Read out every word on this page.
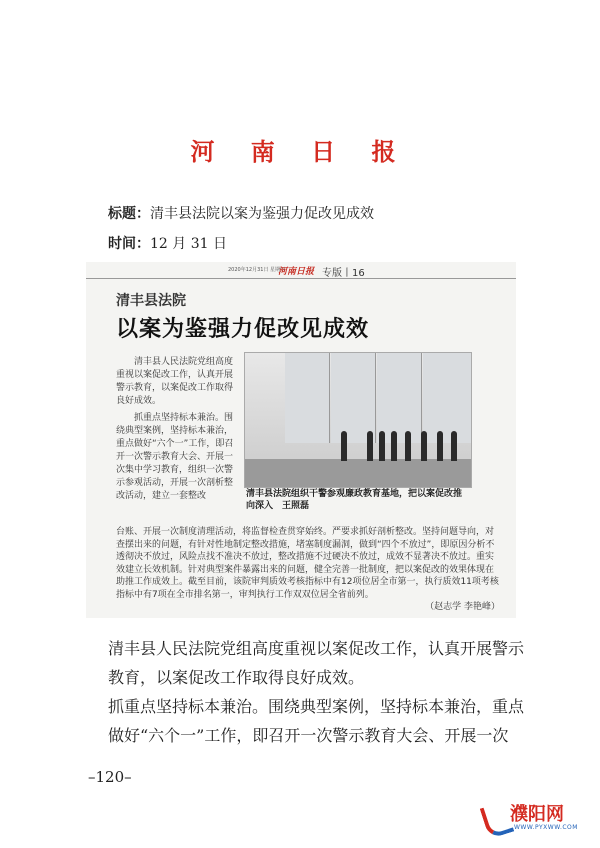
河 南 日 报
标题：清丰县法院以案为鉴强力促改见成效
时间：12 月 31 日
2020年12月31日 星期四
河南日报 专版丨16
清丰县法院
以案为鉴强力促改见成效

清丰县人民法院党组高度重视以案促改工作，认真开展警示教育，以案促改工作取得良好成效。

抓重点坚持标本兼治。围绕典型案例，坚持标本兼治，重点做好“六个一”工作，即召开一次警示教育大会、开展一次集中学习教育，组织一次警示参观活动，开展一次剖析整改活动，建立一套整改	清丰县法院组织干警参观廉政教育基地，把以案促改推向深入　王照磊

台账、开展一次制度清理活动，将监督检查贯穿始终。严要求抓好剖析整改。坚持问题导向，对查摆出来的问题，有针对性地制定整改措施，堵塞制度漏洞，做到“四个不放过”，即原因分析不透彻决不放过，风险点找不准决不放过，整改措施不过硬决不放过，成效不显著决不放过。重实效建立长效机制。针对典型案件暴露出来的问题，健全完善一批制度，把以案促改的效果体现在助推工作成效上。截至目前，该院审判质效考核指标中有12项位居全市第一，执行质效11项考核指标中有7项在全市排名第一，审判执行工作双双位居全省前列。

（赵志学 李艳峰）

清丰县人民法院党组高度重视以案促改工作，认真开展警示教育，以案促改工作取得良好成效。
抓重点坚持标本兼治。围绕典型案例，坚持标本兼治，重点做好“六个一”工作，即召开一次警示教育大会、开展一次
–120–
濮阳网
WWW.PYXWW.COM
